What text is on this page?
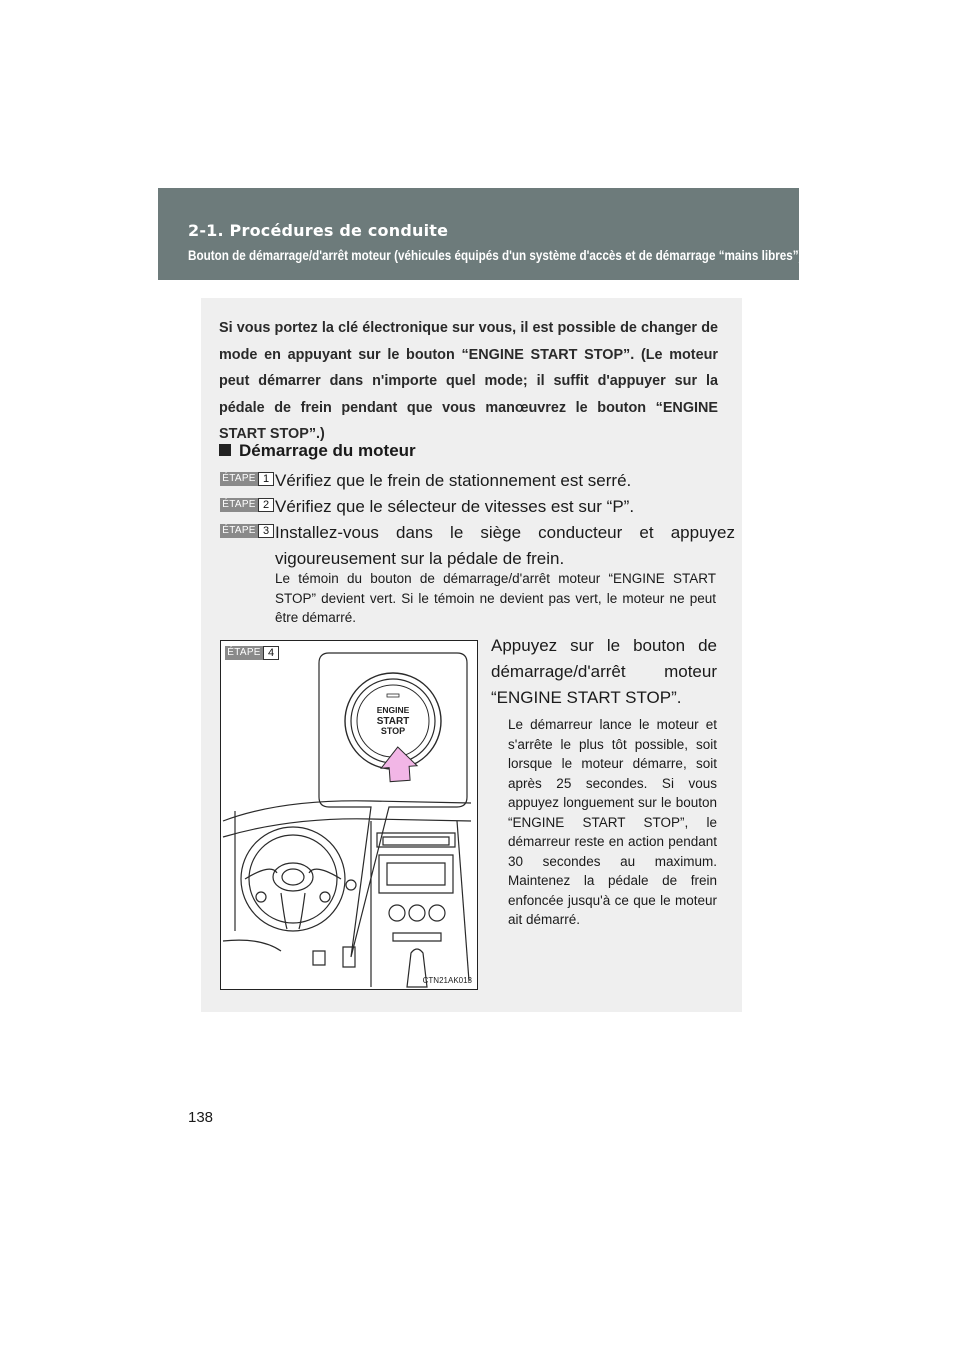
2-1. Procédures de conduite
Bouton de démarrage/d'arrêt moteur (véhicules équipés d'un système d'accès et de démarrage “mains libres”)
Si vous portez la clé électronique sur vous, il est possible de changer de mode en appuyant sur le bouton “ENGINE START STOP”. (Le moteur peut démarrer dans n'importe quel mode; il suffit d'appuyer sur la pédale de frein pendant que vous manœuvrez le bouton “ENGINE START STOP”.)
Démarrage du moteur
ÉTAPE 1 Vérifiez que le frein de stationnement est serré.
ÉTAPE 2 Vérifiez que le sélecteur de vitesses est sur “P”.
ÉTAPE 3 Installez-vous dans le siège conducteur et appuyez vigoureusement sur la pédale de frein.
Le témoin du bouton de démarrage/d'arrêt moteur “ENGINE START STOP” devient vert. Si le témoin ne devient pas vert, le moteur ne peut être démarré.
ÉTAPE 4
ENGINE
START
STOP
CTN21AK013
Appuyez sur le bouton de démarrage/d'arrêt moteur “ENGINE START STOP”.
Le démarreur lance le moteur et s'arrête le plus tôt possible, soit lorsque le moteur démarre, soit après 25 secondes. Si vous appuyez longuement sur le bouton “ENGINE START STOP”, le démarreur reste en action pendant 30 secondes au maximum. Maintenez la pédale de frein enfoncée jusqu'à ce que le moteur ait démarré.
138
